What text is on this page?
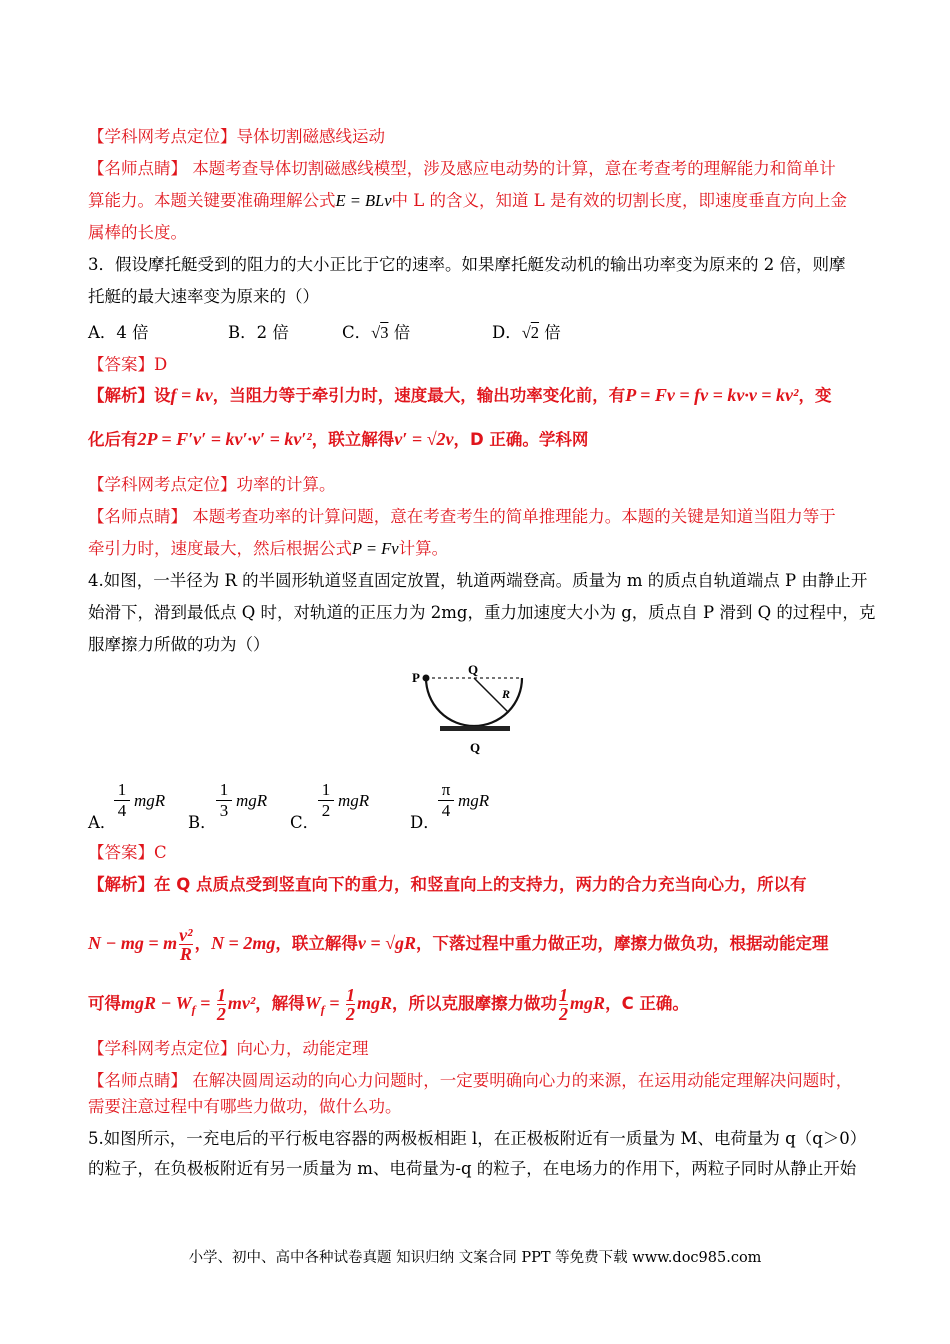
【学科网考点定位】导体切割磁感线运动
【名师点睛】 本题考查导体切割磁感线模型，涉及感应电动势的计算，意在考查考的理解能力和简单计
算能力。本题关键要准确理解公式E = BLv中 L 的含义，知道 L 是有效的切割长度，即速度垂直方向上金
属棒的长度。
3．假设摩托艇受到的阻力的大小正比于它的速率。如果摩托艇发动机的输出功率变为原来的 2 倍，则摩
托艇的最大速率变为原来的（）
A．4 倍	B．2 倍	C．√3 倍	D．√2 倍
【答案】D
【解析】设f = kv，当阻力等于牵引力时，速度最大，输出功率变化前，有P = Fv = fv = kv·v = kv²，变
化后有2P = F′v′ = kv′·v′ = kv′²，联立解得v′ = √2v，D 正确。学科网
【学科网考点定位】功率的计算。
【名师点睛】 本题考查功率的计算问题，意在考查考生的简单推理能力。本题的关键是知道当阻力等于
牵引力时，速度最大，然后根据公式P = Fv计算。
4.如图，一半径为 R 的半圆形轨道竖直固定放置，轨道两端登高。质量为 m 的质点自轨道端点 P 由静止开
始滑下，滑到最低点 Q 时，对轨道的正压力为 2mg，重力加速度大小为 g，质点自 P 滑到 Q 的过程中，克
服摩擦力所做的功为（）
P
Q
R
Q
A．
1
4
mgR
B．
1
3
mgR
C．
1
2
mgR
D．
π
4
mgR
【答案】C
【解析】在 Q 点质点受到竖直向下的重力，和竖直向上的支持力，两力的合力充当向心力，所以有
N − mg = m $\frac{\text{v²}}{R}$ ，N = 2mg，联立解得v = √gR，下落过程中重力做正功，摩擦力做负功，根据动能定理
可得mgR − $W_f = \frac{1}{2} mv^2$，解得$W_f = \frac{1}{2}$ mgR，所以克服摩擦力做功 $\frac{1}{2}$ mgR，C 正确。
【学科网考点定位】向心力，动能定理
【名师点睛】 在解决圆周运动的向心力问题时，一定要明确向心力的来源，在运用动能定理解决问题时，
需要注意过程中有哪些力做功，做什么功。
5.如图所示，一充电后的平行板电容器的两极板相距 l，在正极板附近有一质量为 M、电荷量为 q（q＞0）
的粒子，在负极板附近有另一质量为 m、电荷量为-q 的粒子，在电场力的作用下，两粒子同时从静止开始
小学、初中、高中各种试卷真题 知识归纳 文案合同 PPT 等免费下载 www.doc985.com
